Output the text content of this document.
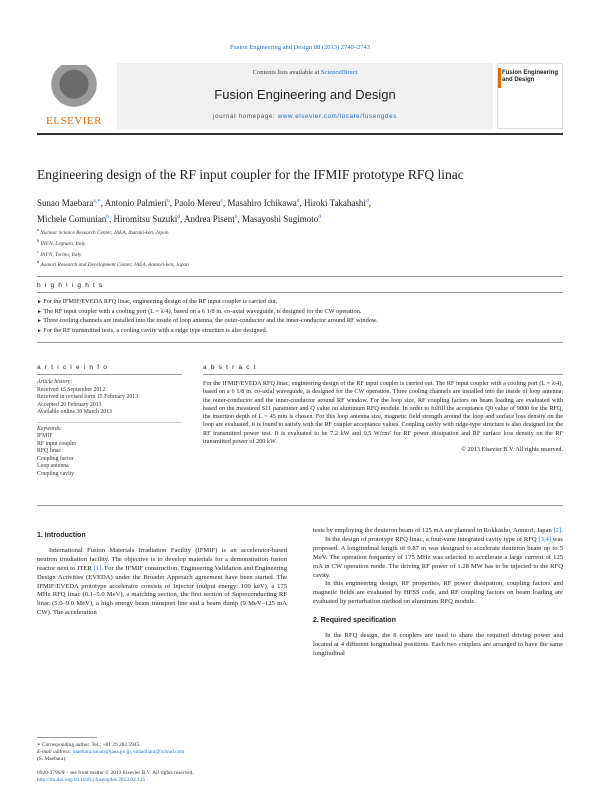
Fusion Engineering and Design 88 (2013) 2740–2743
ELSEVIER
Contents lists available at ScienceDirect
Fusion Engineering and Design
journal homepage: www.elsevier.com/locate/fusengdes
Fusion Engineering and Design
Engineering design of the RF input coupler for the IFMIF prototype RFQ linac
Sunao Maebara$^{a,∗}$, Antonio Palmieri$^b$, Paolo Mereu$^c$, Masahiro Ichikawa$^d$, Hiroki Takahashi$^d$,
Michele Comunian$^b$, Hiromitsu Suzuki$^d$, Andrea Pisent$^b$, Masayoshi Sugimoto$^d$
$^a$ Nuclear Science Research Center, JAEA, Ibaraki-ken, Japan
$^b$ INFN, Legnaro, Italy
$^c$ INFN, Torino, Italy
$^d$ Aomori Research and Development Center, JAEA, Aomori-ken, Japan
h i g h l i g h t s
► For the IFMIF/EVEDA RFQ linac, engineering design of the RF input coupler is carried out.
► The RF input coupler with a cooling port (L = λ/4), based on a 6 1/8 in. co-axial waveguide, is designed for the CW operation.
► Three cooling channels are installed into the inside of loop antenna, the outer-conductor and the inner-conductor around RF window.
► For the RF transmitted tests, a cooling cavity with a ridge type structure is also designed.
a r t i c l e i n f o
Article history:
Received 15 September 2012
Received in revised form 15 February 2013
Accepted 20 February 2013
Available online 30 March 2013
Keywords:
IFMIF
RF input coupler
RFQ linac
Coupling factor
Loop antenna
Coupling cavity
a b s t r a c t
For the IFMIF/EVEDA RFQ linac, engineering design of the RF input coupler is carried out. The RF input coupler with a cooling port (L = λ/4), based on a 6 1/8 in. co-axial waveguide, is designed for the CW operation. Three cooling channels are installed into the inside of loop antenna, the outer-conductor and the inner-conductor around RF window. For the loop size, RF coupling factors on beam loading are evaluated with based on the measured S11 parameter and Q value on aluminum RFQ module. In order to fulfill the acceptance Q0 value of 9000 for the RFQ, the insertion depth of L = 45 mm is chosen. For this loop antenna size, magnetic field strength around the loop and surface loss density on the loop are evaluated, it is found to satisfy with the RF coupler acceptance values. Coupling cavity with ridge-type structure is also designed for the RF transmitted power test. It is evaluated to be 7.2 kW and 0.5 W/cm² for RF power dissipation and RF surface loss density on the RF transmitted power of 200 kW.
© 2013 Elsevier B.V. All rights reserved.
1. Introduction

International Fusion Materials Irradiation Facility (IFMIF) is an accelerator-based neutron irradiation facility. The objective is to develop materials for a demonstration fusion reactor next to ITER [1]. For the IFMIF construction, Engineering Validation and Engineering Design Activities (EVEDA) under the Broader Approach agreement have been started. The IFMIF/EVEDA prototype accelerator consists of Injector (output energy: 100 keV), a 175 MHz RFQ linac (0.1–5.0 MeV), a matching section, the first section of Superconducting RF linac (5.0–9.0 MeV), a high energy beam transport line and a beam dump (9 MeV–125 mA CW). The acceleration

tests by employing the deuteron beam of 125 mA are planned in Rokkasho, Aomori, Japan [2].

In the design of prototype RFQ linac, a four-vane integrated cavity type of RFQ [3,4] was proposed. A longitudinal length of 9.87 m was designed to accelerate deuteron beam up to 5 MeV. The operation frequency of 175 MHz was selected to accelerate a large current of 125 mA in CW operation mode. The driving RF power of 1.28 MW has to be injected to the RFQ cavity.

In this engineering design, RF properties, RF power dissipation, coupling factors and magnetic fields are evaluated by HFSS code, and RF coupling factors on beam loading are evaluated by perturbation method on aluminum RFQ module.

2. Required specification

In the RFQ design, the 8 couplers are used to share the required driving power and located at 4 different longitudinal positions. Each two couplers are arranged to have the same longitudinal

∗ Corresponding author. Tel.: +81 29 282 5945.
E-mail address: maebara.sunao@jaea.go.jp, sunaohara@icloud.com
(S. Maebara).
0920-3796/$ – see front matter © 2013 Elsevier B.V. All rights reserved.
http://dx.doi.org/10.1016/j.fusengdes.2013.02.135
